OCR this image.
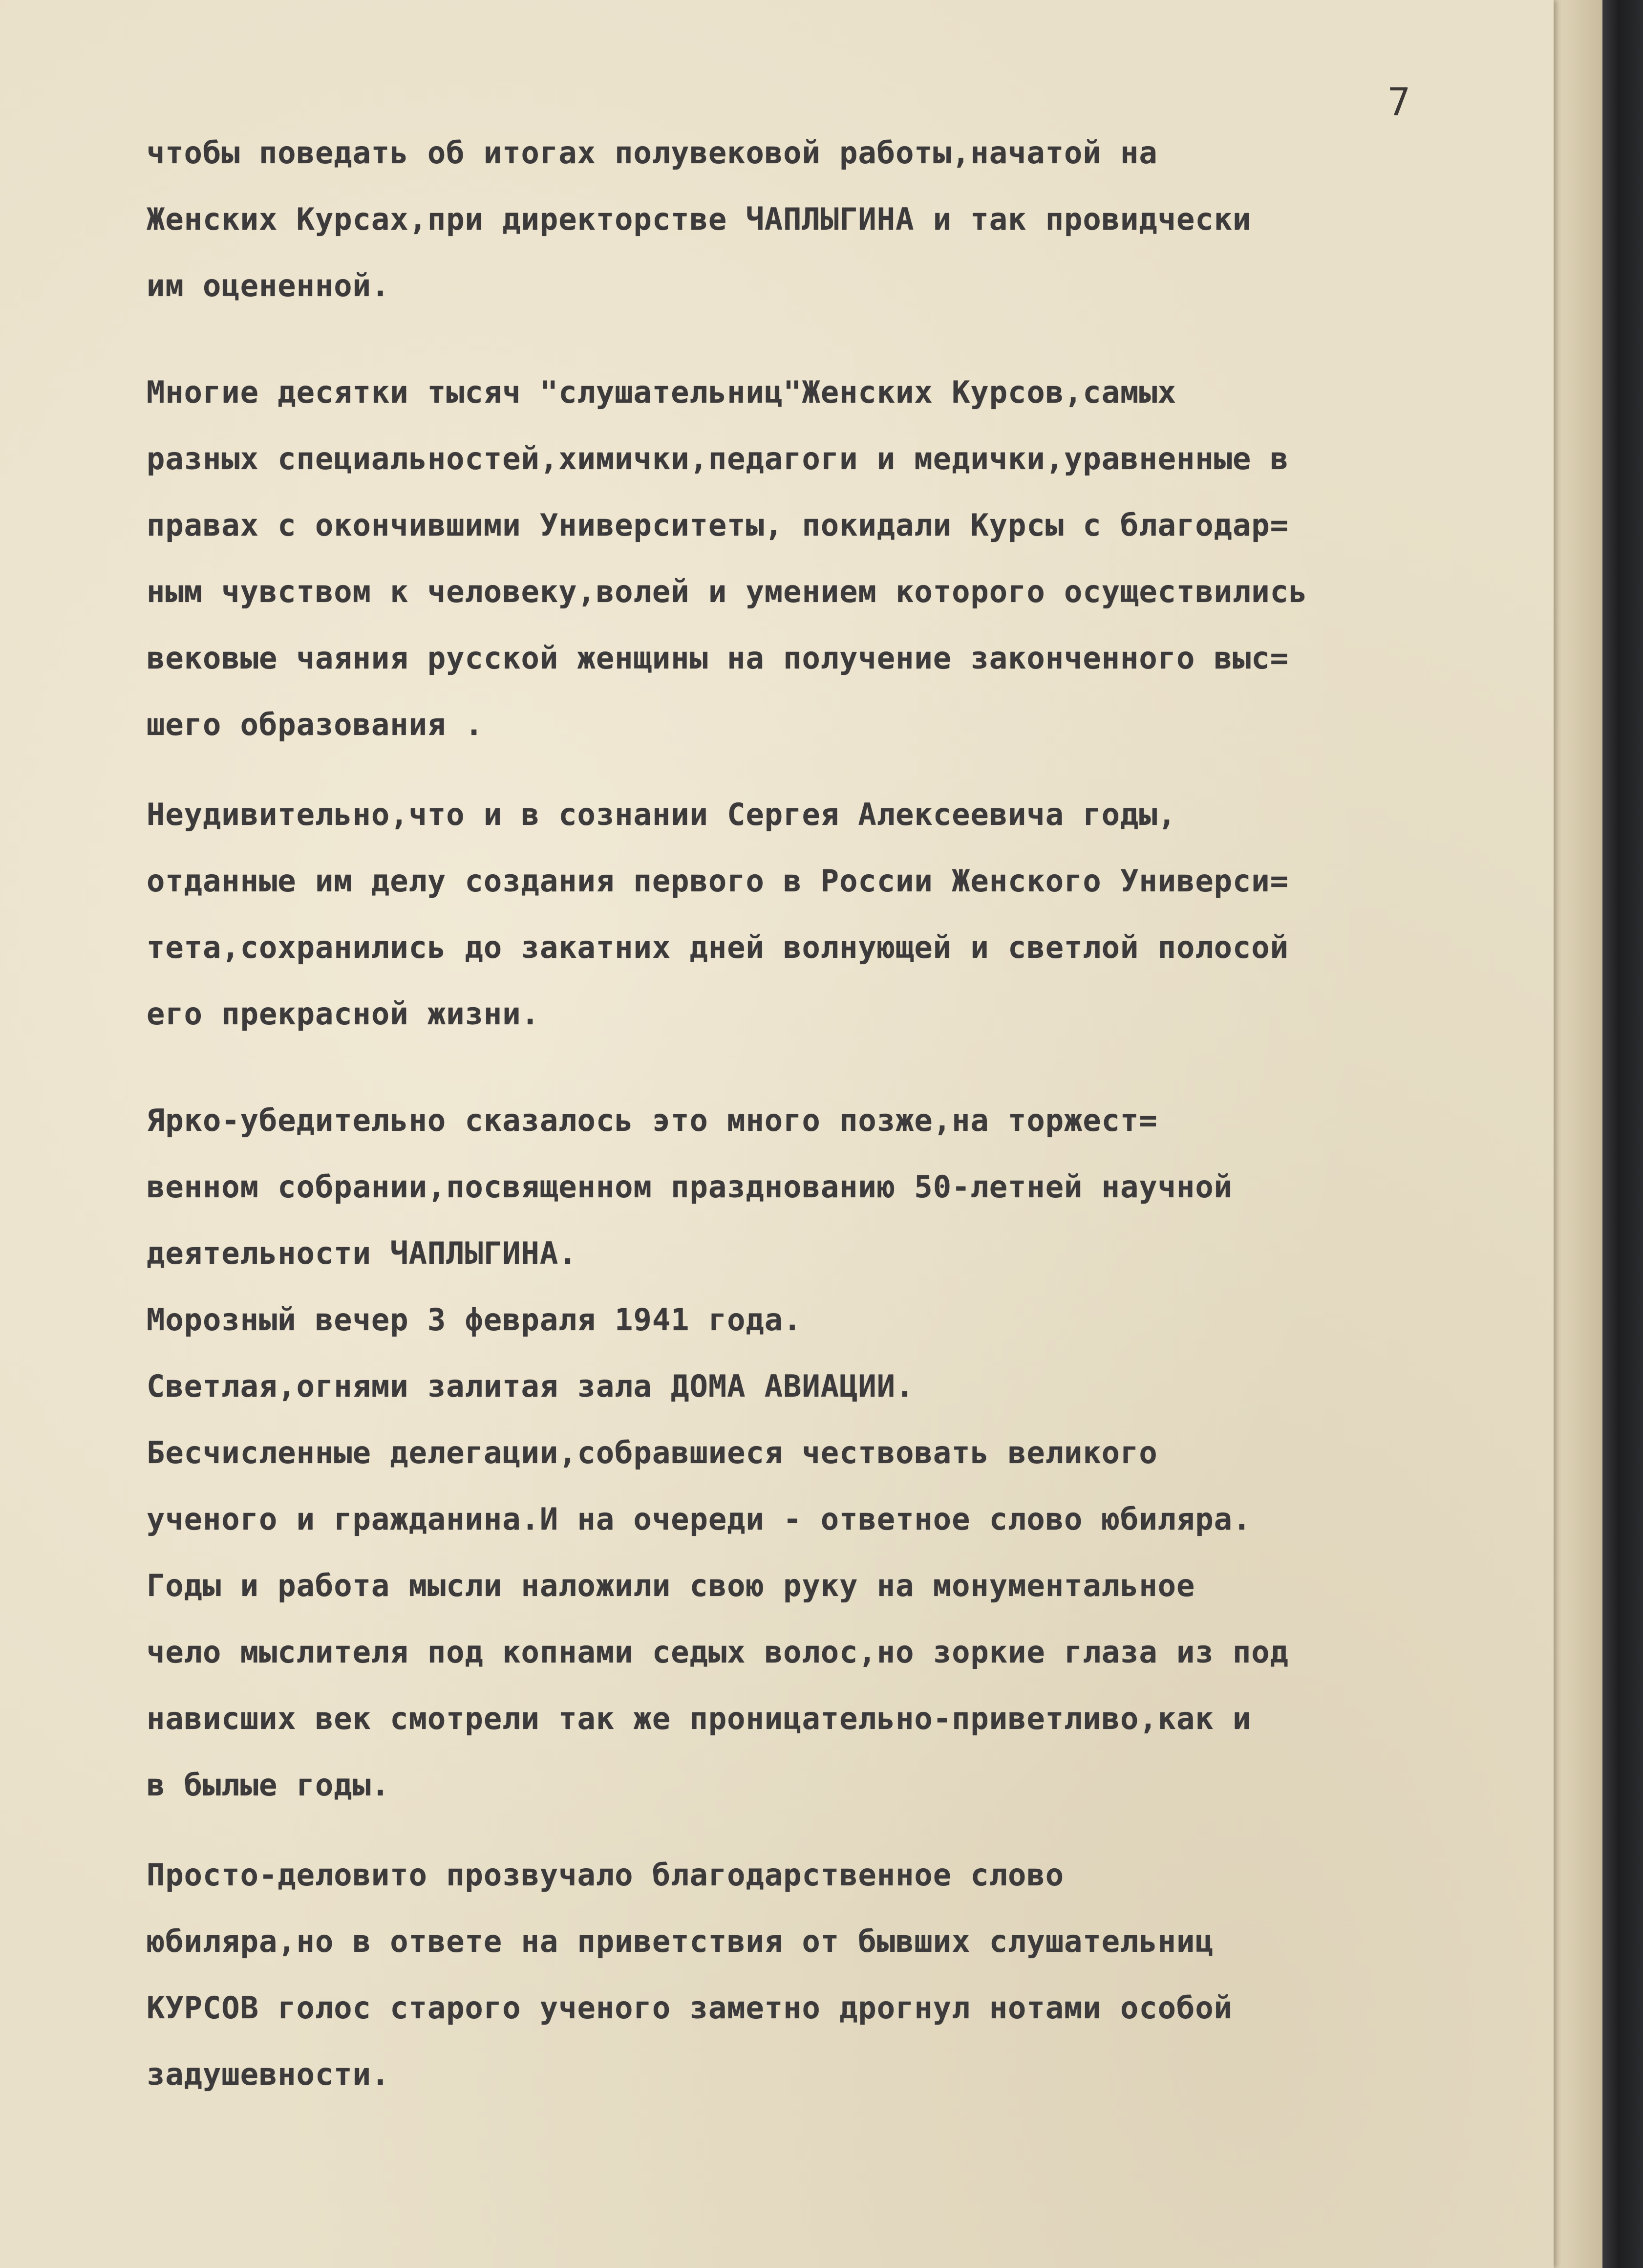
7

чтобы поведать об итогах полувековой работы,начатой на

Женских Курсах,при директорстве ЧАПЛЫГИНА и так провидчески

им оцененной.

Многие десятки тысяч "слушательниц"Женских Курсов,самых

разных специальностей,химички,педагоги и медички,уравненные в

правах с окончившими Университеты, покидали Курсы с благодар=

ным чувством к человеку,волей и умением которого осуществились

вековые чаяния русской женщины на получение законченного выс=

шего образования .

Неудивительно,что и в сознании Сергея Алексеевича годы,

отданные им делу создания первого в России Женского Универси=

тета,сохранились до закатних дней волнующей и светлой полосой

его прекрасной жизни.

Ярко-убедительно сказалось это много позже,на торжест=

венном собрании,посвященном празднованию 50-летней научной

деятельности ЧАПЛЫГИНА.

Морозный вечер 3 февраля 1941 года.

Светлая,огнями залитая зала ДОМА АВИАЦИИ.

Бесчисленные делегации,собравшиеся чествовать великого

ученого и гражданина.И на очереди - ответное слово юбиляра.

Годы и работа мысли наложили свою руку на монументальное

чело мыслителя под копнами седых волос,но зоркие глаза из под

нависших век смотрели так же проницательно-приветливо,как и

в былые годы.

Просто-деловито прозвучало благодарственное слово

юбиляра,но в ответе на приветствия от бывших слушательниц

КУРСОВ голос старого ученого заметно дрогнул нотами особой

задушевности.
